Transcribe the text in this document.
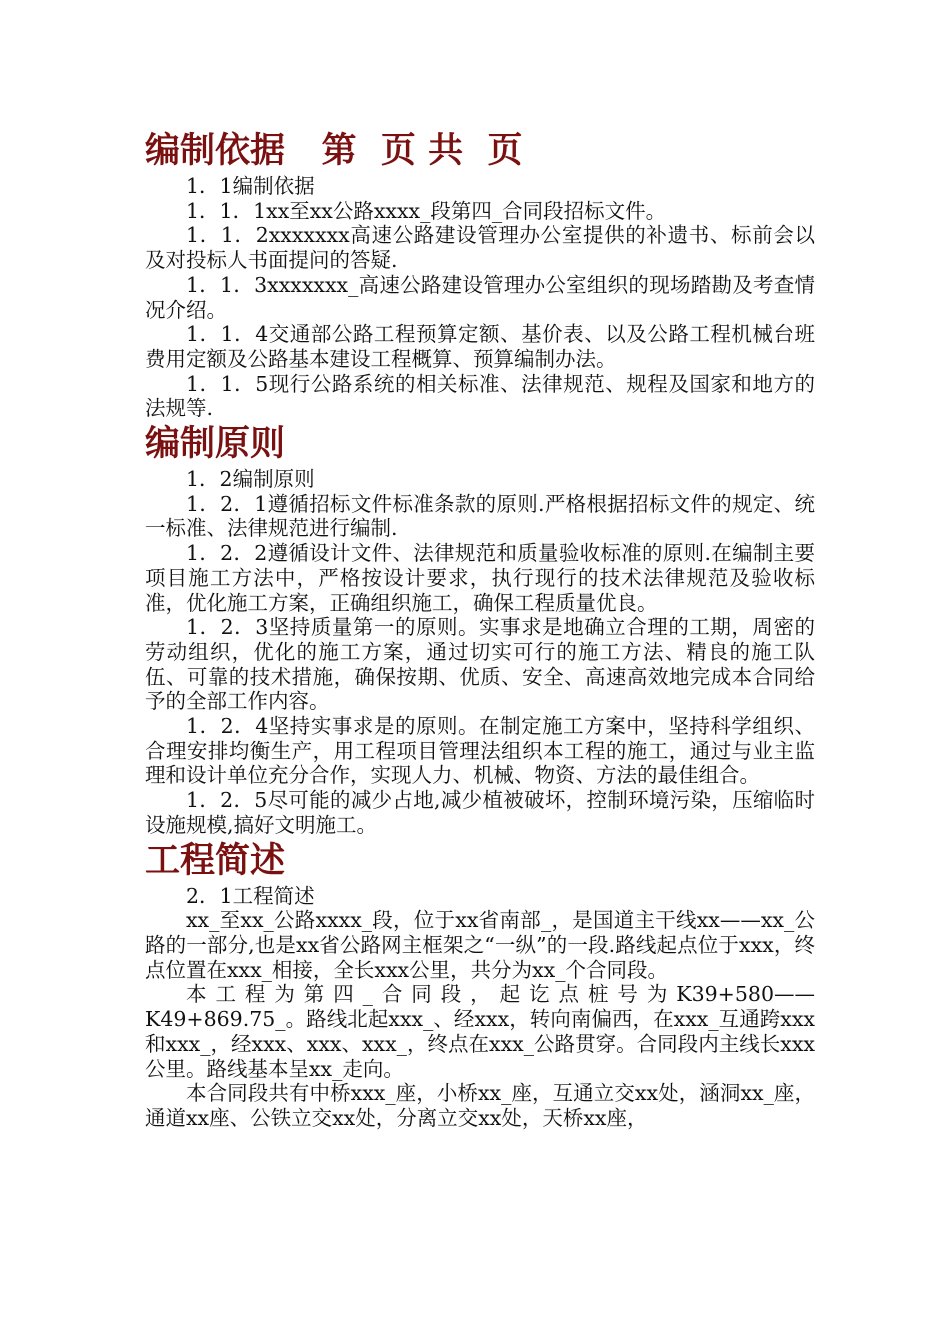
编制依据   第  页 共  页

1．1编制依据

1．1．1xx至xx公路xxxx_段第四_合同段招标文件。

1．1．2xxxxxxx高速公路建设管理办公室提供的补遗书、标前会以及对投标人书面提问的答疑.

1．1．3xxxxxxx_高速公路建设管理办公室组织的现场踏勘及考查情况介绍。

1．1．4交通部公路工程预算定额、基价表、以及公路工程机械台班费用定额及公路基本建设工程概算、预算编制办法。

1．1．5现行公路系统的相关标准、法律规范、规程及国家和地方的法规等.

编制原则

1．2编制原则

1．2．1遵循招标文件标准条款的原则.严格根据招标文件的规定、统一标准、法律规范进行编制.

1．2．2遵循设计文件、法律规范和质量验收标准的原则.在编制主要项目施工方法中，严格按设计要求，执行现行的技术法律规范及验收标准，优化施工方案，正确组织施工，确保工程质量优良。

1．2．3坚持质量第一的原则。实事求是地确立合理的工期，周密的劳动组织，优化的施工方案，通过切实可行的施工方法、精良的施工队伍、可靠的技术措施，确保按期、优质、安全、高速高效地完成本合同给予的全部工作内容。

1．2．4坚持实事求是的原则。在制定施工方案中，坚持科学组织、合理安排均衡生产，用工程项目管理法组织本工程的施工，通过与业主监理和设计单位充分合作，实现人力、机械、物资、方法的最佳组合。

1．2．5尽可能的减少占地,减少植被破坏，控制环境污染，压缩临时设施规模,搞好文明施工。

工程简述

2．1工程简述

xx_至xx_公路xxxx_段，位于xx省南部_，是国道主干线xx——xx_公路的一部分,也是xx省公路网主框架之“一纵”的一段.路线起点位于xxx，终点位置在xxx_相接，全长xxx公里，共分为xx_个合同段。

本工程为第四_合同段，起讫点桩号为K39+580——K49+869.75_。路线北起xxx_、经xxx，转向南偏西，在xxx_互通跨xxx和xxx_，经xxx、xxx、xxx_，终点在xxx_公路贯穿。合同段内主线长xxx公里。路线基本呈xx_走向。

本合同段共有中桥xxx_座，小桥xx_座，互通立交xx处，涵洞xx_座，通道xx座、公铁立交xx处，分离立交xx处，天桥xx座，
